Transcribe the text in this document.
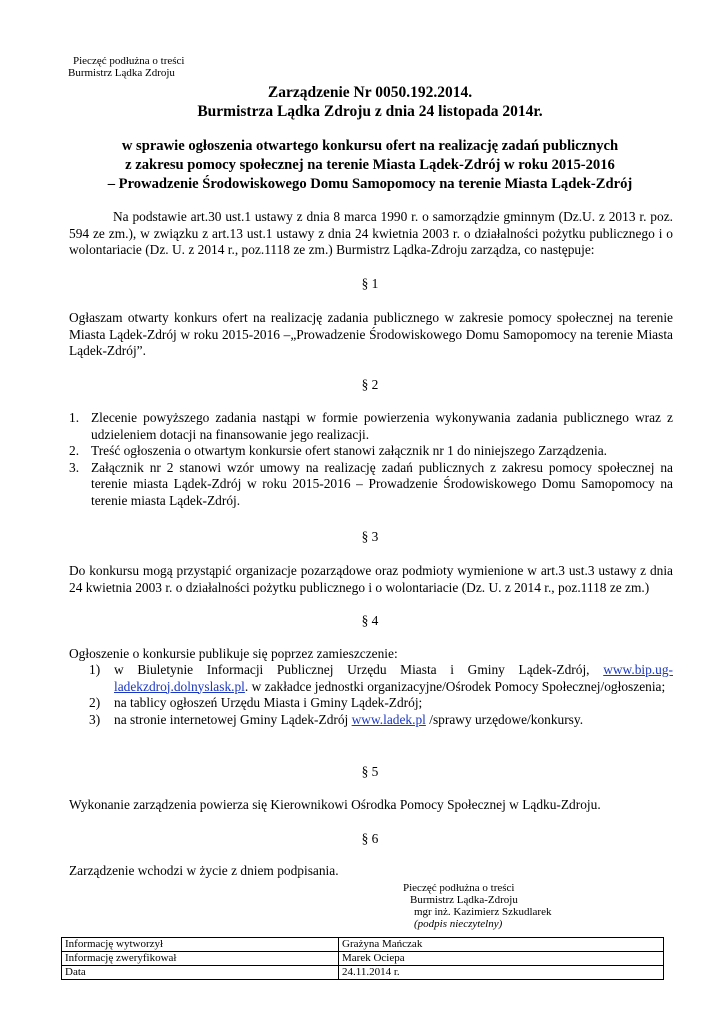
Pieczęć podłużna o treści
Burmistrz Lądka Zdroju
Zarządzenie Nr 0050.192.2014.
Burmistrza Lądka Zdroju z dnia 24 listopada 2014r.
w sprawie ogłoszenia otwartego konkursu ofert na realizację zadań publicznych
z zakresu pomocy społecznej na terenie Miasta Lądek-Zdrój w roku 2015-2016
– Prowadzenie Środowiskowego Domu Samopomocy na terenie Miasta Lądek-Zdrój
Na podstawie art.30 ust.1 ustawy z dnia 8 marca 1990 r. o samorządzie gminnym (Dz.U. z 2013 r. poz. 594 ze zm.), w związku z art.13 ust.1 ustawy z dnia 24 kwietnia 2003 r. o działalności pożytku publicznego i o wolontariacie (Dz. U. z 2014 r., poz.1118 ze zm.) Burmistrz Lądka-Zdroju zarządza, co następuje:
§ 1
Ogłaszam otwarty konkurs ofert na realizację zadania publicznego w zakresie pomocy społecznej na terenie Miasta Lądek-Zdrój w roku 2015-2016 –„Prowadzenie Środowiskowego Domu Samopomocy na terenie Miasta Lądek-Zdrój”.
§ 2
1. Zlecenie powyższego zadania nastąpi w formie powierzenia wykonywania zadania publicznego wraz z udzieleniem dotacji na finansowanie jego realizacji.
2. Treść ogłoszenia o otwartym konkursie ofert stanowi załącznik nr 1 do niniejszego Zarządzenia.
3. Załącznik nr 2 stanowi wzór umowy na realizację zadań publicznych z zakresu pomocy społecznej na terenie miasta Lądek-Zdrój w roku 2015-2016 – Prowadzenie Środowiskowego Domu Samopomocy na terenie miasta Lądek-Zdrój.
§ 3
Do konkursu mogą przystąpić organizacje pozarządowe oraz podmioty wymienione w art.3 ust.3 ustawy z dnia 24 kwietnia 2003 r. o działalności pożytku publicznego i o wolontariacie (Dz. U. z 2014 r., poz.1118 ze zm.)
§ 4
Ogłoszenie o konkursie publikuje się poprzez zamieszczenie:
1) w Biuletynie Informacji Publicznej Urzędu Miasta i Gminy Lądek-Zdrój, www.bip.ug-ladekzdroj.dolnyslask.pl. w zakładce jednostki organizacyjne/Ośrodek Pomocy Społecznej/ogłoszenia;
2) na tablicy ogłoszeń Urzędu Miasta i Gminy Lądek-Zdrój;
3) na stronie internetowej Gminy Lądek-Zdrój www.ladek.pl /sprawy urzędowe/konkursy.
§ 5
Wykonanie zarządzenia powierza się Kierownikowi Ośrodka Pomocy Społecznej w Lądku-Zdroju.
§ 6
Zarządzenie wchodzi w życie z dniem podpisania.
Pieczęć podłużna o treści
Burmistrz Lądka-Zdroju
mgr inż. Kazimierz Szkudlarek
(podpis nieczytelny)
Informację wytworzył	Grażyna Mańczak
Informację zweryfikował	Marek Ociepa
Data	24.11.2014 r.
